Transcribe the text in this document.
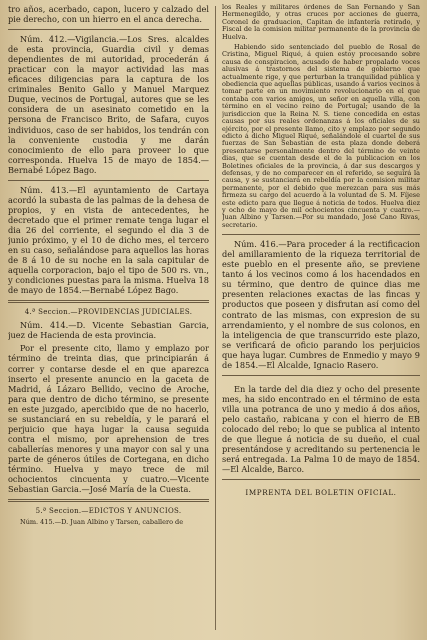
tro años, acerbado, capon, lucero y calzado del pie derecho, con un hierro en el anca derecha.

Núm. 412.—Vigilancia.—Los Sres. alcaldes de esta provincia, Guardia civil y demas dependientes de mi autoridad, procederán á practicar con la mayor actividad las mas eficaces diligencias para la captura de los criminales Benito Gallo y Manuel Marquez Duque, vecinos de Portugal, autores que se les considera de un asesinato cometido en la persona de Francisco Brito, de Safara, cuyos individuos, caso de ser habidos, los tendrán con la conveniente custodia y me darán conocimiento de ello para proveer lo que corresponda. Huelva 15 de mayo de 1854.—Bernabé López Bago.

Núm. 413.—El ayuntamiento de Cartaya acordó la subasta de las palmas de la dehesa de propios, y en vista de antecedentes, he decretado que el primer remate tenga lugar el dia 26 del corriente, el segundo el dia 3 de junio próximo, y el 10 de dicho mes, el tercero en su caso, señalándose para aquellos las horas de 8 á 10 de su noche en la sala capitular de aquella corporacion, bajo el tipo de 500 rs. vn., y condiciones puestas para la misma. Huelva 18 de mayo de 1854.—Bernabé López Bago.

4.ª Seccion.—PROVIDENCIAS JUDICIALES.

Núm. 414.—D. Vicente Sebastian Garcia, juez de Hacienda de esta provincia.

Por el presente cito, llamo y emplazo por término de treinta dias, que principiarán á correr y contarse desde el en que aparezca inserto el presente anuncio en la gaceta de Madrid, á Lázaro Bellido, vecino de Aroche, para que dentro de dicho término, se presente en este juzgado, apercibido que de no hacerlo, se sustanciará en su rebeldía, y le parará el perjuicio que haya lugar la causa seguida contra el mismo, por aprehension de tres caballerías menores y una mayor con sal y una parte de géneros útiles de Cortegana, en dicho término. Huelva y mayo trece de mil ochocientos cincuenta y cuatro.—Vicente Sebastian Garcia.—José María de la Cuesta.

5.ª Seccion.—EDICTOS Y ANUNCIOS.

Núm. 415.—D. Juan Albino y Tarsen, caballero de

los Reales y militares órdenes de San Fernando y San Hermenegildo, y otras cruces por acciones de guerra, Coronel de graduacion, Capitan de infantería retirado, y Fiscal de la comision militar permanente de la provincia de Huelva.

Habiendo sido sentenciado del pueblo de Rosal de Cristina, Miguel Riqué, á quien estoy procesando sobre causa de conspiracion, acusado de haber propalado voces alusivas á trastornos del sistema de gobierno que actualmente rige, y que perturban la tranquilidad pública y obediencia que aquellas públicas, usando á varios vecinos á tomar parte en un movimiento revolucionario en el que contaba con varios amigos, un señor en aquella villa, con término en el vecino reino de Portugal; usando de la jurisdiccion que la Reina N. S. tiene concedida en estas causas por sus reales ordenanzas á los oficiales de su ejército, por el presente llamo, cito y emplazo por segundo edicto á dicho Miguel Riqué, señalándole el cuartel de sus fuerzas de San Sebastian de esta plaza donde deberá presentarse personalmente dentro del término de veinte dias, que se cuentan desde el de la publicacion en los Boletines oficiales de la provincia, á dar sus descargos y defensas, y de no comparecer en el referido, se seguirá la causa, y se sustanciará en rebeldía por la comision militar permanente, por el debido que merezcan para sus más firmeza su cargo del acuerdo á la voluntad de S. M. Fíjese este edicto para que llegue á noticia de todos. Huelva diez y ocho de mayo de mil ochocientos cincuenta y cuatro.—Juan Albino y Tarsen.—Por su mandado, José Cano Rivas, secretario.

Núm. 416.—Para proceder á la rectificacion del amillaramiento de la riqueza territorial de este pueblo en el presente año, se previene tanto á los vecinos como á los hacendados en su término, que dentro de quince dias me presenten relaciones exactas de las fincas y productos que poseen y disfrutan así como del contrato de las mismas, con expresion de su arrendamiento, y el nombre de sus colonos, en la inteligencia de que transcurrido este plazo, se verificará de oficio parando los perjuicios que haya lugar. Cumbres de Enmedio y mayo 9 de 1854.—El Alcalde, Ignacio Rasero.

En la tarde del dia diez y ocho del presente mes, ha sido encontrado en el término de esta villa una potranca de uno y medio á dos años, pelo castaño, rabicana y con el hierro de EB colocado del rebo; lo que se publica al intento de que llegue á noticia de su dueño, el cual presentándose y acreditando su pertenencia le será entregada. La Palma 10 de mayo de 1854.—El Alcalde, Barco.

IMPRENTA DEL BOLETIN OFICIAL.
